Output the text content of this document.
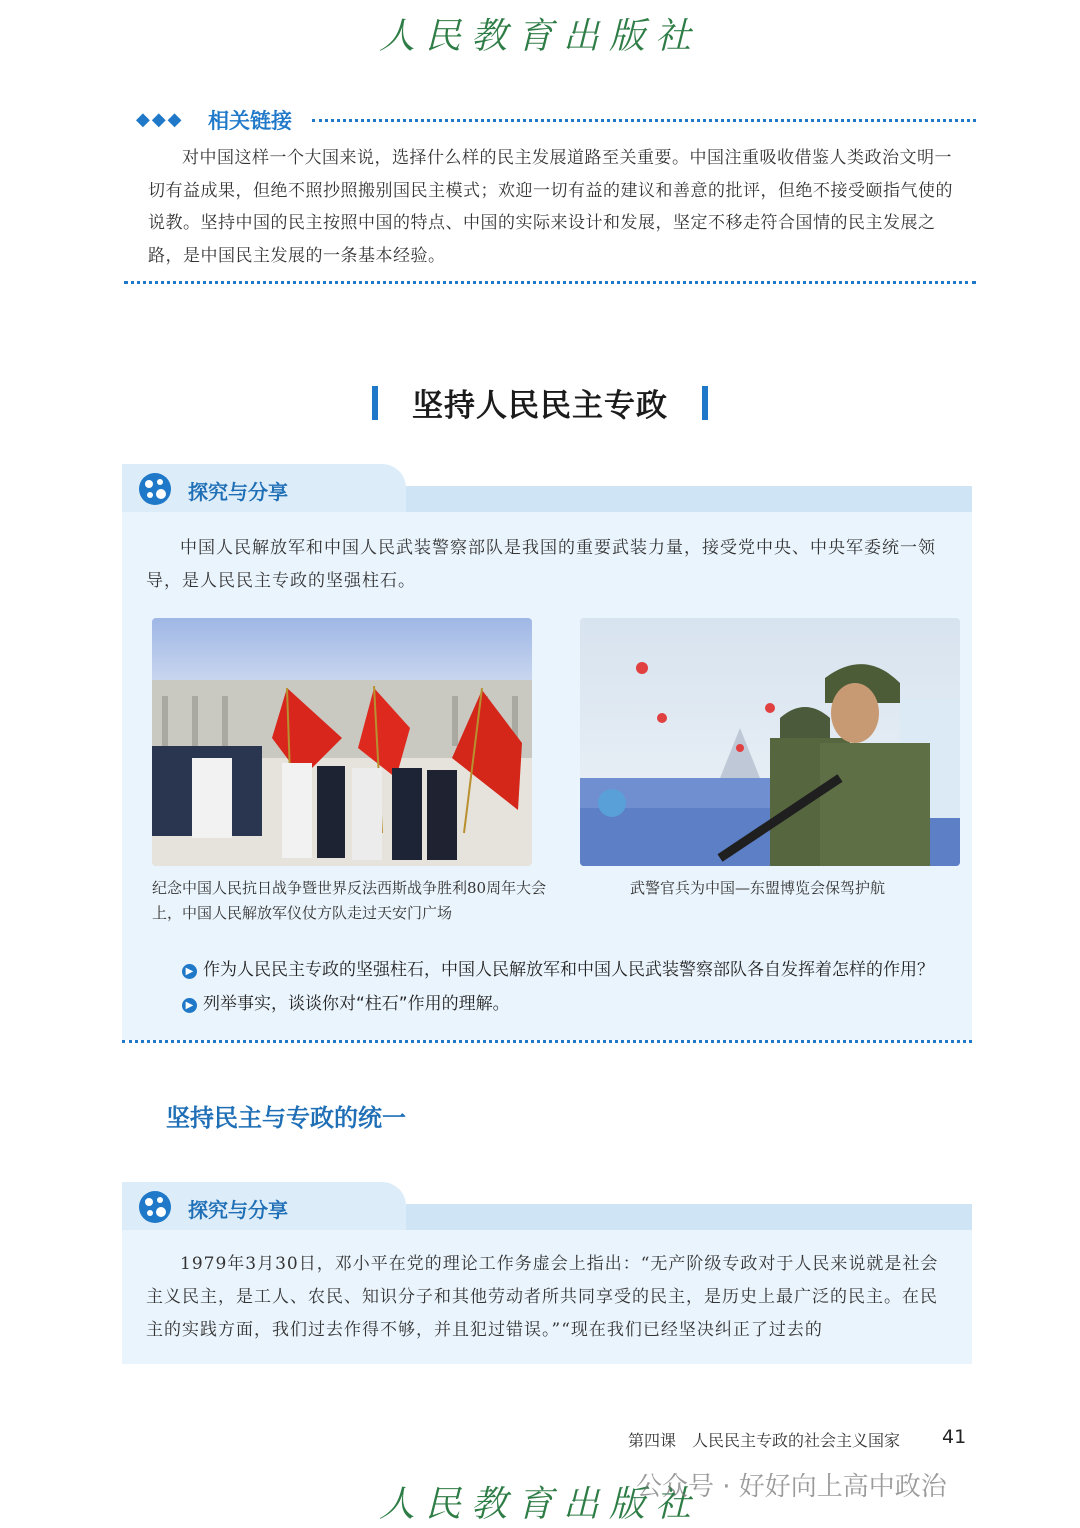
人民教育出版社
◆◆◆ 相关链接
对中国这样一个大国来说，选择什么样的民主发展道路至关重要。中国注重吸收借鉴人类政治文明一切有益成果，但绝不照抄照搬别国民主模式；欢迎一切有益的建议和善意的批评，但绝不接受颐指气使的说教。坚持中国的民主按照中国的特点、中国的实际来设计和发展，坚定不移走符合国情的民主发展之路，是中国民主发展的一条基本经验。
坚持人民民主专政
探究与分享
中国人民解放军和中国人民武装警察部队是我国的重要武装力量，接受党中央、中央军委统一领导，是人民民主专政的坚强柱石。
纪念中国人民抗日战争暨世界反法西斯战争胜利80周年大会上，中国人民解放军仪仗方队走过天安门广场
武警官兵为中国—东盟博览会保驾护航
▶ 作为人民民主专政的坚强柱石，中国人民解放军和中国人民武装警察部队各自发挥着怎样的作用？
▶ 列举事实，谈谈你对“柱石”作用的理解。
坚持民主与专政的统一
探究与分享
1979年3月30日，邓小平在党的理论工作务虚会上指出：“无产阶级专政对于人民来说就是社会主义民主，是工人、农民、知识分子和其他劳动者所共同享受的民主，是历史上最广泛的民主。在民主的实践方面，我们过去作得不够，并且犯过错误。”“现在我们已经坚决纠正了过去的
第四课　人民民主专政的社会主义国家 41
人民教育出版社
公众号 · 好好向上高中政治
